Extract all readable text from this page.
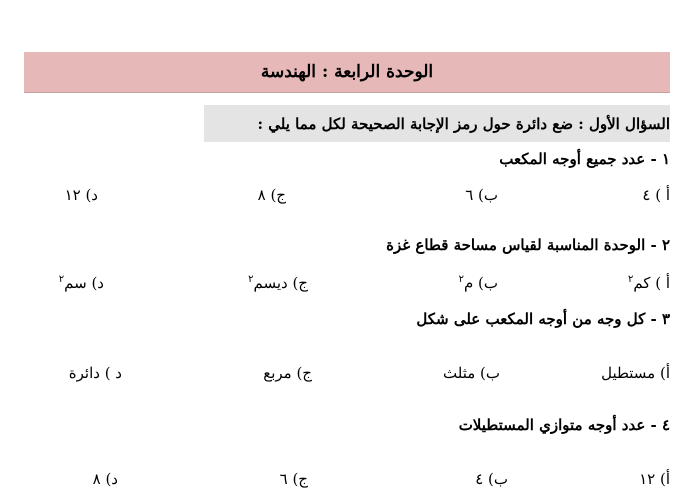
الوحدة الرابعة : الهندسة
السؤال الأول : ضع دائرة حول رمز الإجابة الصحيحة لكل مما يلي :
١ - عدد جميع أوجه المكعب
أ ) ٤
ب) ٦
ج) ٨
د) ١٢
٢ - الوحدة المناسبة لقياس مساحة قطاع غزة
أ ) كم$^٢$
ب) م$^٢$
ج) ديسم$^٢$
د) سم$^٢$
٣ - كل وجه من أوجه المكعب على شكل
أ) مستطيل
ب) مثلث
ج) مربع
د ) دائرة
٤ - عدد أوجه متوازي المستطيلات
أ) ١٢
ب) ٤
ج) ٦
د) ٨
